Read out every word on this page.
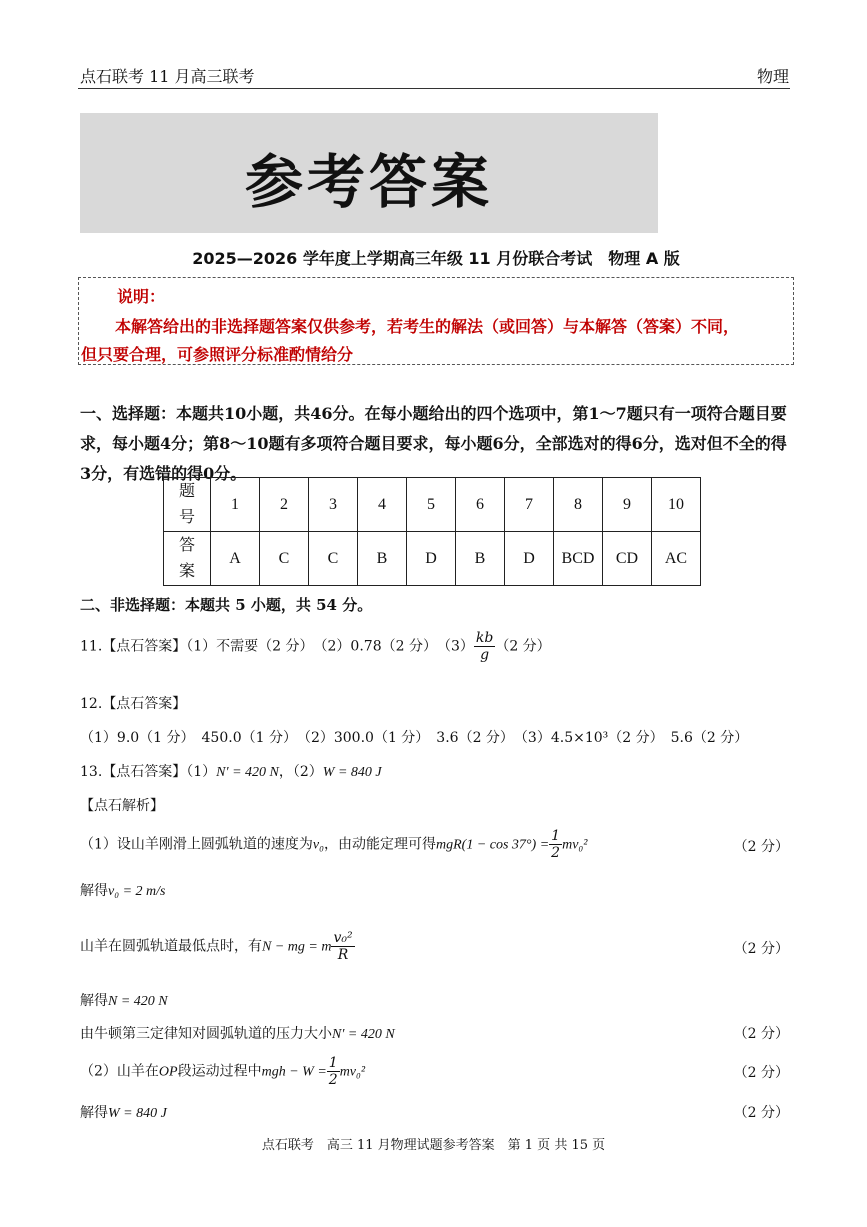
点石联考 11 月高三联考	物理
参考答案
2025—2026 学年度上学期高三年级 11 月份联合考试　物理 A 版
说明：
本解答给出的非选择题答案仅供参考，若考生的解法（或回答）与本解答（答案）不同，
但只要合理，可参照评分标准酌情给分
一、选择题：本题共10小题，共46分。在每小题给出的四个选项中，第1～7题只有一项符合题目要求，每小题4分；第8～10题有多项符合题目要求，每小题6分，全部选对的得6分，选对但不全的得3分，有选错的得0分。
题
号	1	2	3	4	5	6	7	8	9	10

答
案	A	C	C	B	D	B	D	BCD	CD	AC
二、非选择题：本题共 5 小题，共 54 分。
11.【点石答案】（1）不需要（2 分）　（2）0.78（2 分）　$(3) \frac{kb}{g} (2$ 分）
12.【点石答案】
（1）9.0（1 分）　450.0（1 分）　（2）300.0（1 分）　3.6（2 分）　（3）4.5×10³（2 分）　5.6（2 分）
13.【点石答案】（1）N′ = 420 N，（2）W = 840 J
【点石解析】
（1）设山羊刚滑上圆弧轨道的速度为v₀，由动能定理可得$mgR(1 - \cos 37^\circ) = \frac{1}{2} mv_0^2$	（2 分）
解得v₀ = 2 m/s
山羊在圆弧轨道最低点时，有N − mg = m $\frac{\text{v₀²}}{R}$	（2 分）
解得N = 420 N
由牛顿第三定律知对圆弧轨道的压力大小N′ = 420 N	（2 分）
（2）山羊在OP段运动过程中mgh − $W = \frac{1}{2} mv_0^2$	（2 分）
解得W = 840 J	（2 分）
点石联考　高三 11 月物理试题参考答案　第 1 页 共 15 页
